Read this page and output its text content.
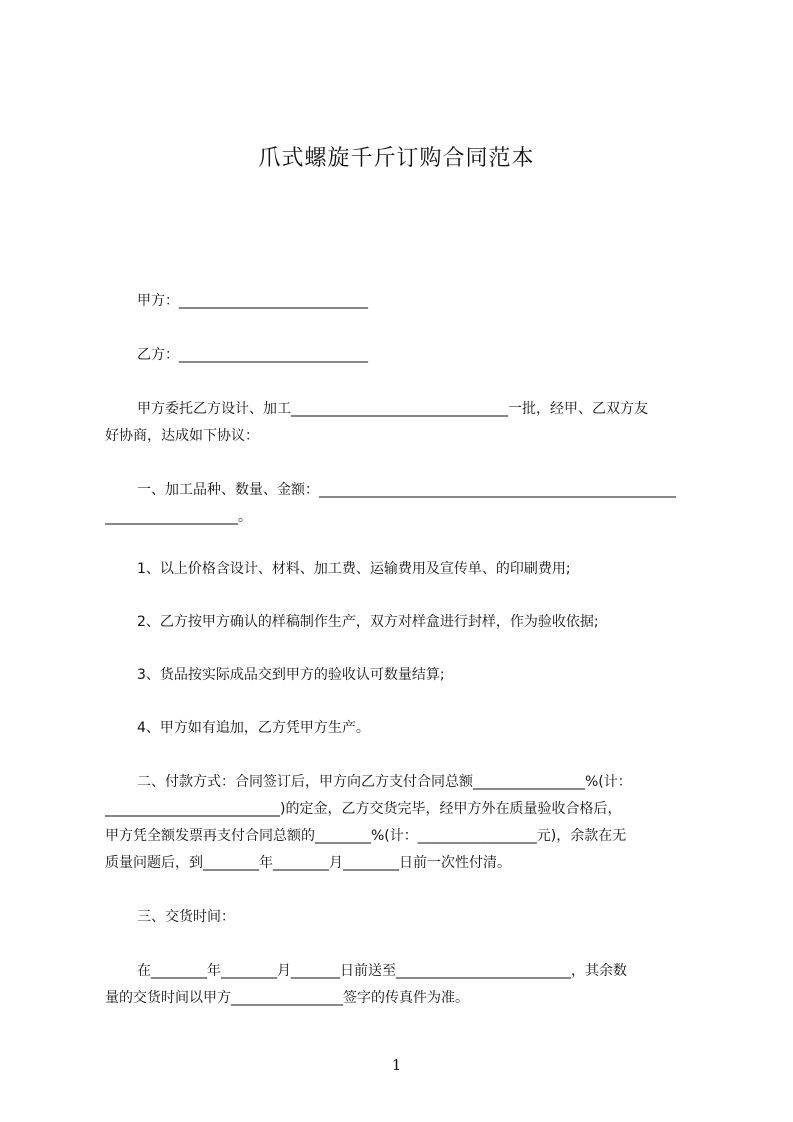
爪式螺旋千斤订购合同范本
甲方：___________________________
乙方：___________________________
甲方委托乙方设计、加工_______________________________一批，经甲、乙双方友
好协商，达成如下协议：
一、加工品种、数量、金额：___________________________________________________
___________________。
1、以上价格含设计、材料、加工费、运输费用及宣传单、的印刷费用;
2、乙方按甲方确认的样稿制作生产，双方对样盒进行封样，作为验收依据;
3、货品按实际成品交到甲方的验收认可数量结算;
4、甲方如有追加，乙方凭甲方生产。
二、付款方式：合同签订后，甲方向乙方支付合同总额________________%(计：
_________________________)的定金，乙方交货完毕，经甲方外在质量验收合格后，
甲方凭全额发票再支付合同总额的________%(计：_________________元)，余款在无
质量问题后，到________年________月________日前一次性付清。
三、交货时间：
在________年________月_______日前送至_________________________，其余数
量的交货时间以甲方________________签字的传真件为准。
1
